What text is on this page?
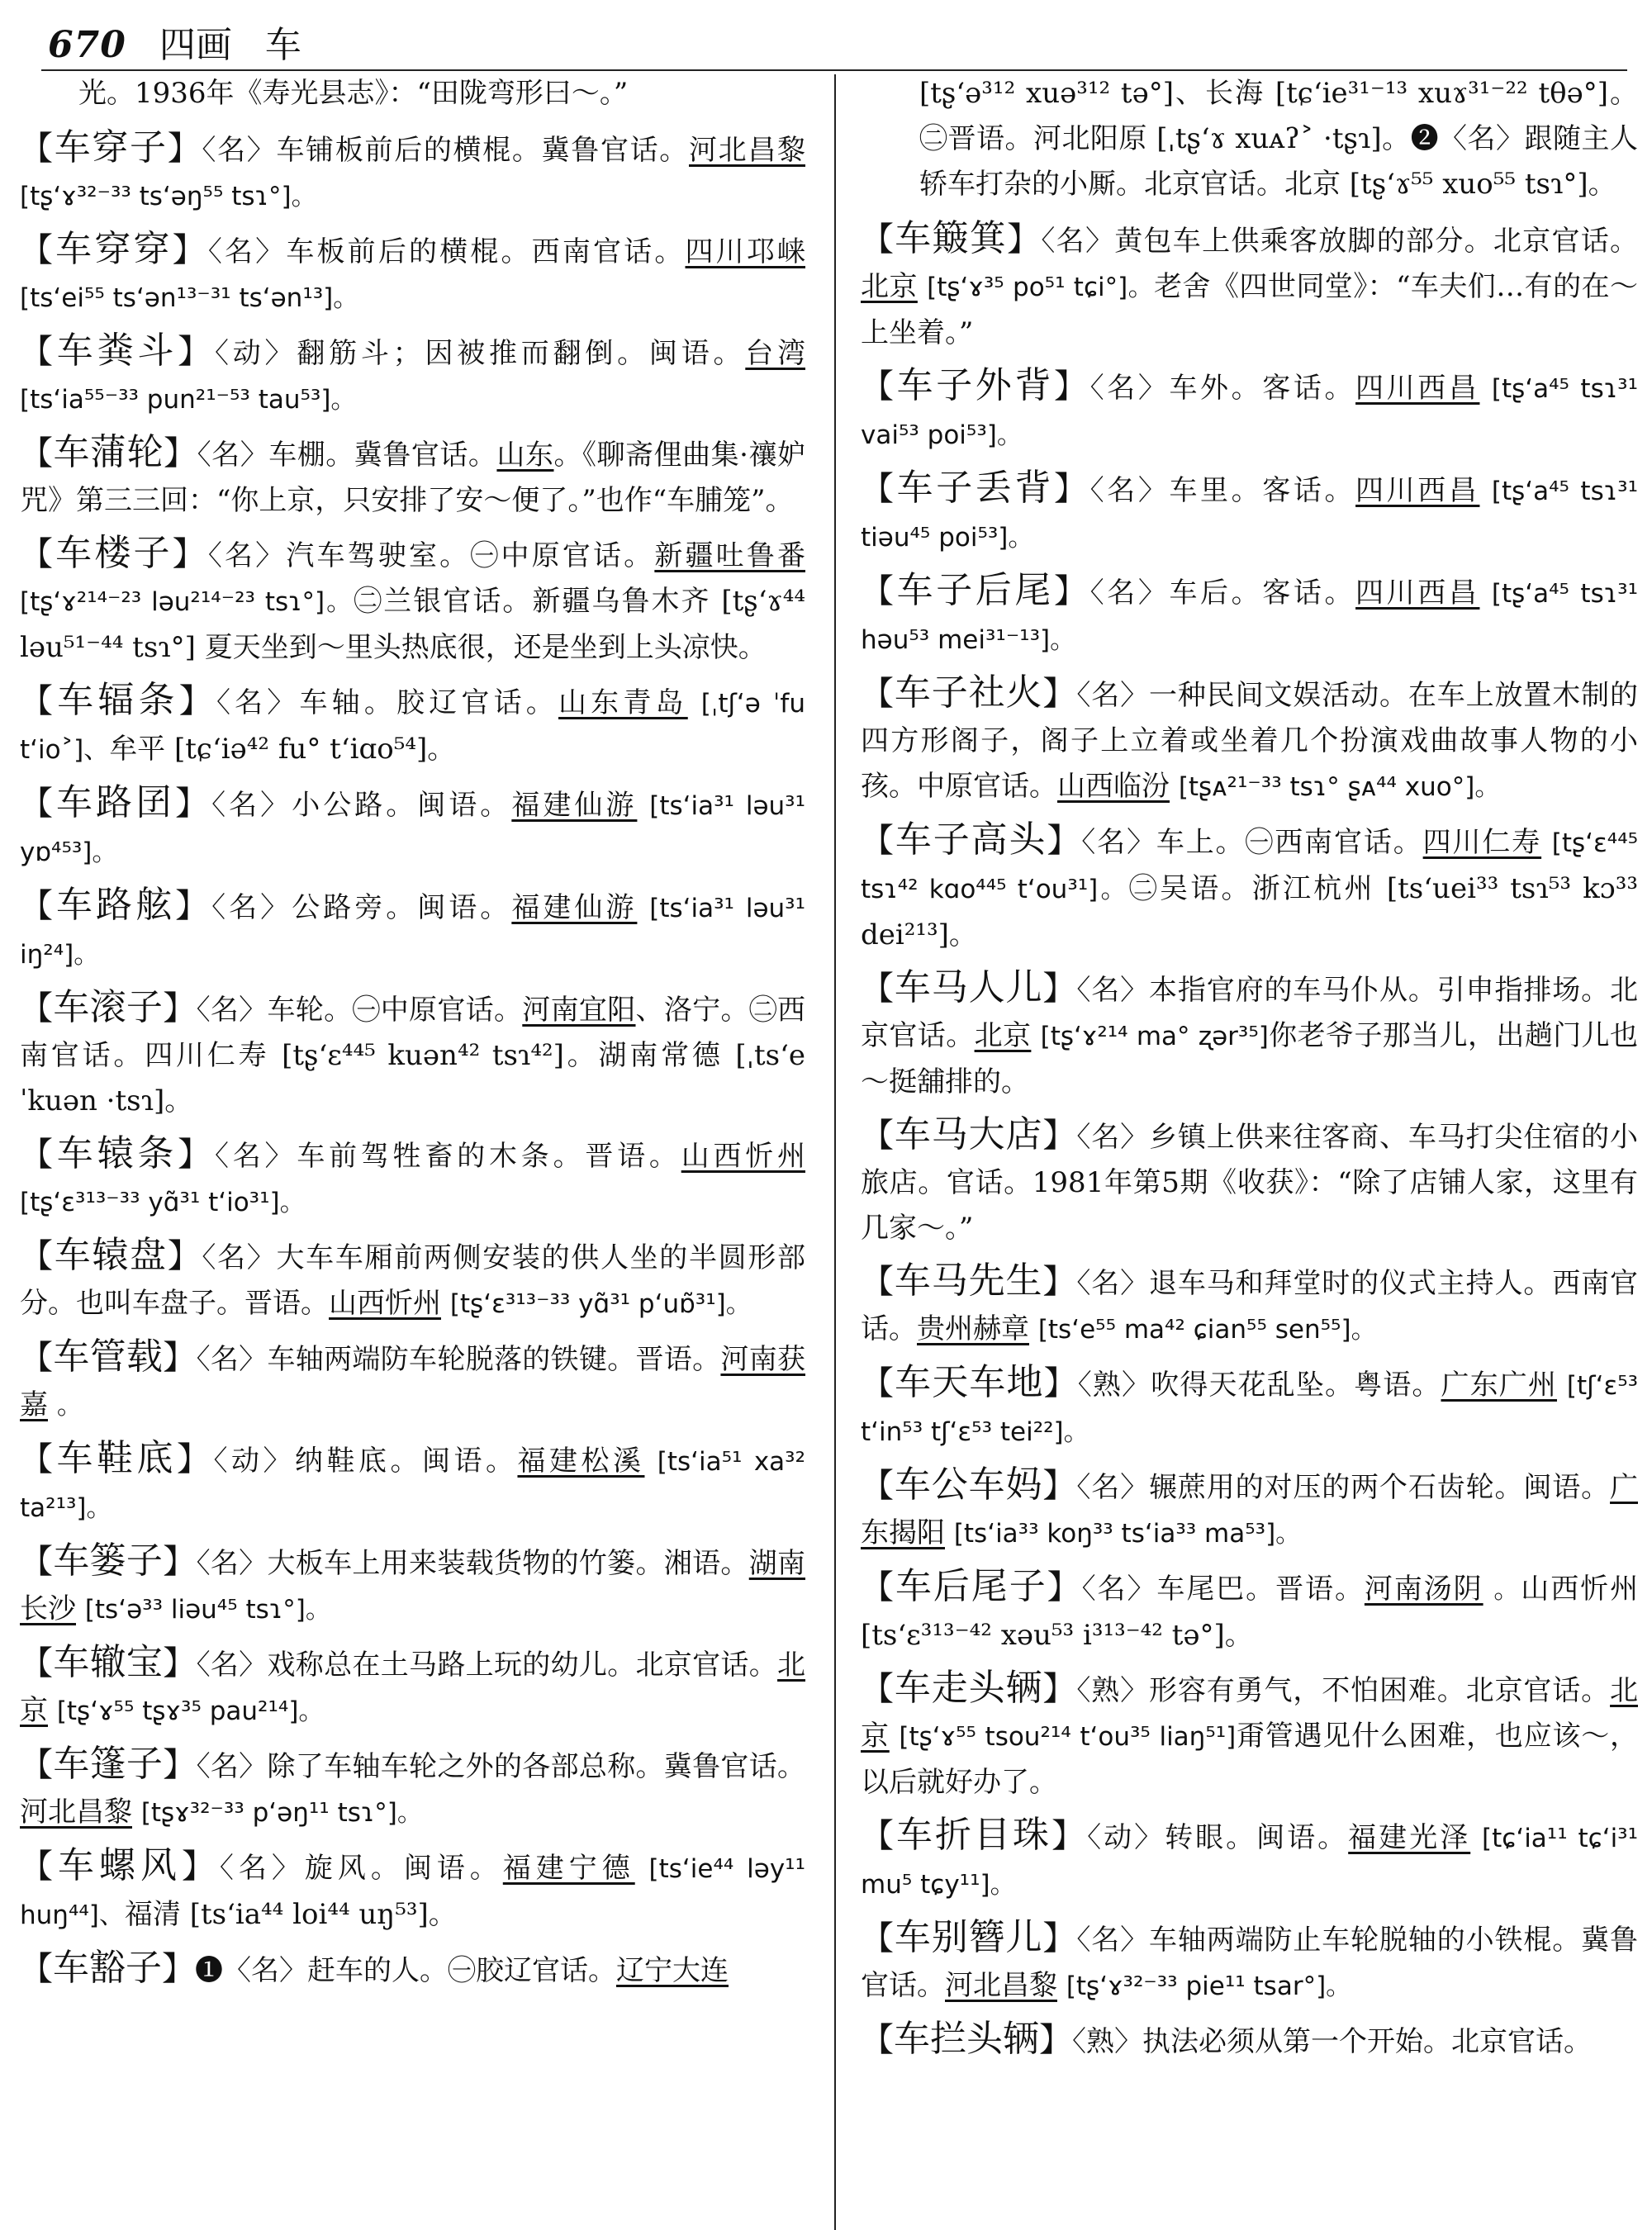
670 四画 车

光。1936年《寿光县志》：“田陇弯形曰～。”

【车穿子】〈名〉车铺板前后的横棍。冀鲁官话。河北昌黎 [tʂʻɤ³²⁻³³ tsʻəŋ⁵⁵ tsɿ°]。

【车穿穿】〈名〉车板前后的横棍。西南官话。四川邛崃 [tsʻei⁵⁵ tsʻən¹³⁻³¹ tsʻən¹³]。

【车粪斗】〈动〉翻筋斗；因被推而翻倒。闽语。台湾 [tsʻia⁵⁵⁻³³ pun²¹⁻⁵³ tau⁵³]。

【车蒲轮】〈名〉车棚。冀鲁官话。山东。《聊斋俚曲集·禳妒咒》第三三回：“你上京，只安排了安～便了。”也作“车脯笼”。

【车楼子】〈名〉汽车驾驶室。㊀中原官话。新疆吐鲁番 [tʂʻɤ²¹⁴⁻²³ ləu²¹⁴⁻²³ tsɿ°]。㊁兰银官话。新疆乌鲁木齐 [tʂʻɤ⁴⁴ ləu⁵¹⁻⁴⁴ tsɿ°] 夏天坐到～里头热底很，还是坐到上头凉快。

【车辐条】〈名〉车轴。胶辽官话。山东青岛 [ˌtʃʻə ˈfu tʻio˃]、牟平 [tɕʻiə⁴² fu° tʻiɑo⁵⁴]。

【车路囝】〈名〉小公路。闽语。福建仙游 [tsʻia³¹ ləu³¹ yɒ⁴⁵³]。

【车路舷】〈名〉公路旁。闽语。福建仙游 [tsʻia³¹ ləu³¹ iŋ²⁴]。

【车滚子】〈名〉车轮。㊀中原官话。河南宜阳、洛宁。㊁西南官话。四川仁寿 [tʂʻɛ⁴⁴⁵ kuən⁴² tsɿ⁴²]。湖南常德 [ˌtsʻe ˈkuən ·tsɿ]。

【车辕条】〈名〉车前驾牲畜的木条。晋语。山西忻州 [tʂʻɛ³¹³⁻³³ yɑ̃³¹ tʻio³¹]。

【车辕盘】〈名〉大车车厢前两侧安装的供人坐的半圆形部分。也叫车盘子。晋语。山西忻州 [tʂʻɛ³¹³⁻³³ yɑ̃³¹ pʻuɒ̃³¹]。

【车管载】〈名〉车轴两端防车轮脱落的铁键。晋语。河南获嘉 。

【车鞋底】〈动〉纳鞋底。闽语。福建松溪 [tsʻia⁵¹ xa³² ta²¹³]。

【车篓子】〈名〉大板车上用来装载货物的竹篓。湘语。湖南长沙 [tsʻə³³ liəu⁴⁵ tsɿ°]。

【车辙宝】〈名〉戏称总在土马路上玩的幼儿。北京官话。北京 [tʂʻɤ⁵⁵ tʂɤ³⁵ pau²¹⁴]。

【车篷子】〈名〉除了车轴车轮之外的各部总称。冀鲁官话。河北昌黎 [tʂɤ³²⁻³³ pʻəŋ¹¹ tsɿ°]。

【车螺风】〈名〉旋风。闽语。福建宁德 [tsʻie⁴⁴ ləy¹¹ huŋ⁴⁴]、福清 [tsʻia⁴⁴ loi⁴⁴ uŋ⁵³]。

【车豁子】❶〈名〉赶车的人。㊀胶辽官话。辽宁大连

[tʂʻə³¹² xuə³¹² tə°]、长海 [tɕʻie³¹⁻¹³ xuɤ³¹⁻²² tθə°]。㊁晋语。河北阳原 [ˌtʂʻɤ xuᴀʔ˃ ·tʂɿ]。❷〈名〉跟随主人轿车打杂的小厮。北京官话。北京 [tʂʻɤ⁵⁵ xuo⁵⁵ tsɿ°]。

【车簸箕】〈名〉黄包车上供乘客放脚的部分。北京官话。北京 [tʂʻɤ³⁵ po⁵¹ tɕi°]。老舍《四世同堂》：“车夫们…有的在～上坐着。”

【车子外背】〈名〉车外。客话。四川西昌 [tʂʻa⁴⁵ tsɿ³¹ vai⁵³ poi⁵³]。

【车子丢背】〈名〉车里。客话。四川西昌 [tʂʻa⁴⁵ tsɿ³¹ tiəu⁴⁵ poi⁵³]。

【车子后尾】〈名〉车后。客话。四川西昌 [tʂʻa⁴⁵ tsɿ³¹ həu⁵³ mei³¹⁻¹³]。

【车子社火】〈名〉一种民间文娱活动。在车上放置木制的四方形阁子，阁子上立着或坐着几个扮演戏曲故事人物的小孩。中原官话。山西临汾 [tʂᴀ²¹⁻³³ tsɿ° ʂᴀ⁴⁴ xuo°]。

【车子高头】〈名〉车上。㊀西南官话。四川仁寿 [tʂʻɛ⁴⁴⁵ tsɿ⁴² kɑo⁴⁴⁵ tʻou³¹]。㊁吴语。浙江杭州 [tsʻuei³³ tsɿ⁵³ kɔ³³ dei²¹³]。

【车马人儿】〈名〉本指官府的车马仆从。引申指排场。北京官话。北京 [tʂʻɤ²¹⁴ ma° ʐər³⁵]你老爷子那当儿，出趟门儿也～挺舖排的。

【车马大店】〈名〉乡镇上供来往客商、车马打尖住宿的小旅店。官话。1981年第5期《收获》：“除了店铺人家，这里有几家～。”

【车马先生】〈名〉退车马和拜堂时的仪式主持人。西南官话。贵州赫章 [tsʻe⁵⁵ ma⁴² ɕian⁵⁵ sen⁵⁵]。

【车天车地】〈熟〉吹得天花乱坠。粤语。广东广州 [tʃʻɛ⁵³ tʻin⁵³ tʃʻɛ⁵³ tei²²]。

【车公车妈】〈名〉辗蔗用的对压的两个石齿轮。闽语。广东揭阳 [tsʻia³³ koŋ³³ tsʻia³³ ma⁵³]。

【车后尾子】〈名〉车尾巴。晋语。河南汤阴 。山西忻州 [tsʻɛ³¹³⁻⁴² xəu⁵³ i³¹³⁻⁴² tə°]。

【车走头辆】〈熟〉形容有勇气，不怕困难。北京官话。北京 [tʂʻɤ⁵⁵ tsou²¹⁴ tʻou³⁵ liaŋ⁵¹]甭管遇见什么困难，也应该～，以后就好办了。

【车折目珠】〈动〉转眼。闽语。福建光泽 [tɕʻia¹¹ tɕʻi³¹ mu⁵ tɕy¹¹]。

【车别簪儿】〈名〉车轴两端防止车轮脱轴的小铁棍。冀鲁官话。河北昌黎 [tʂʻɤ³²⁻³³ pie¹¹ tsar°]。

【车拦头辆】〈熟〉执法必须从第一个开始。北京官话。
